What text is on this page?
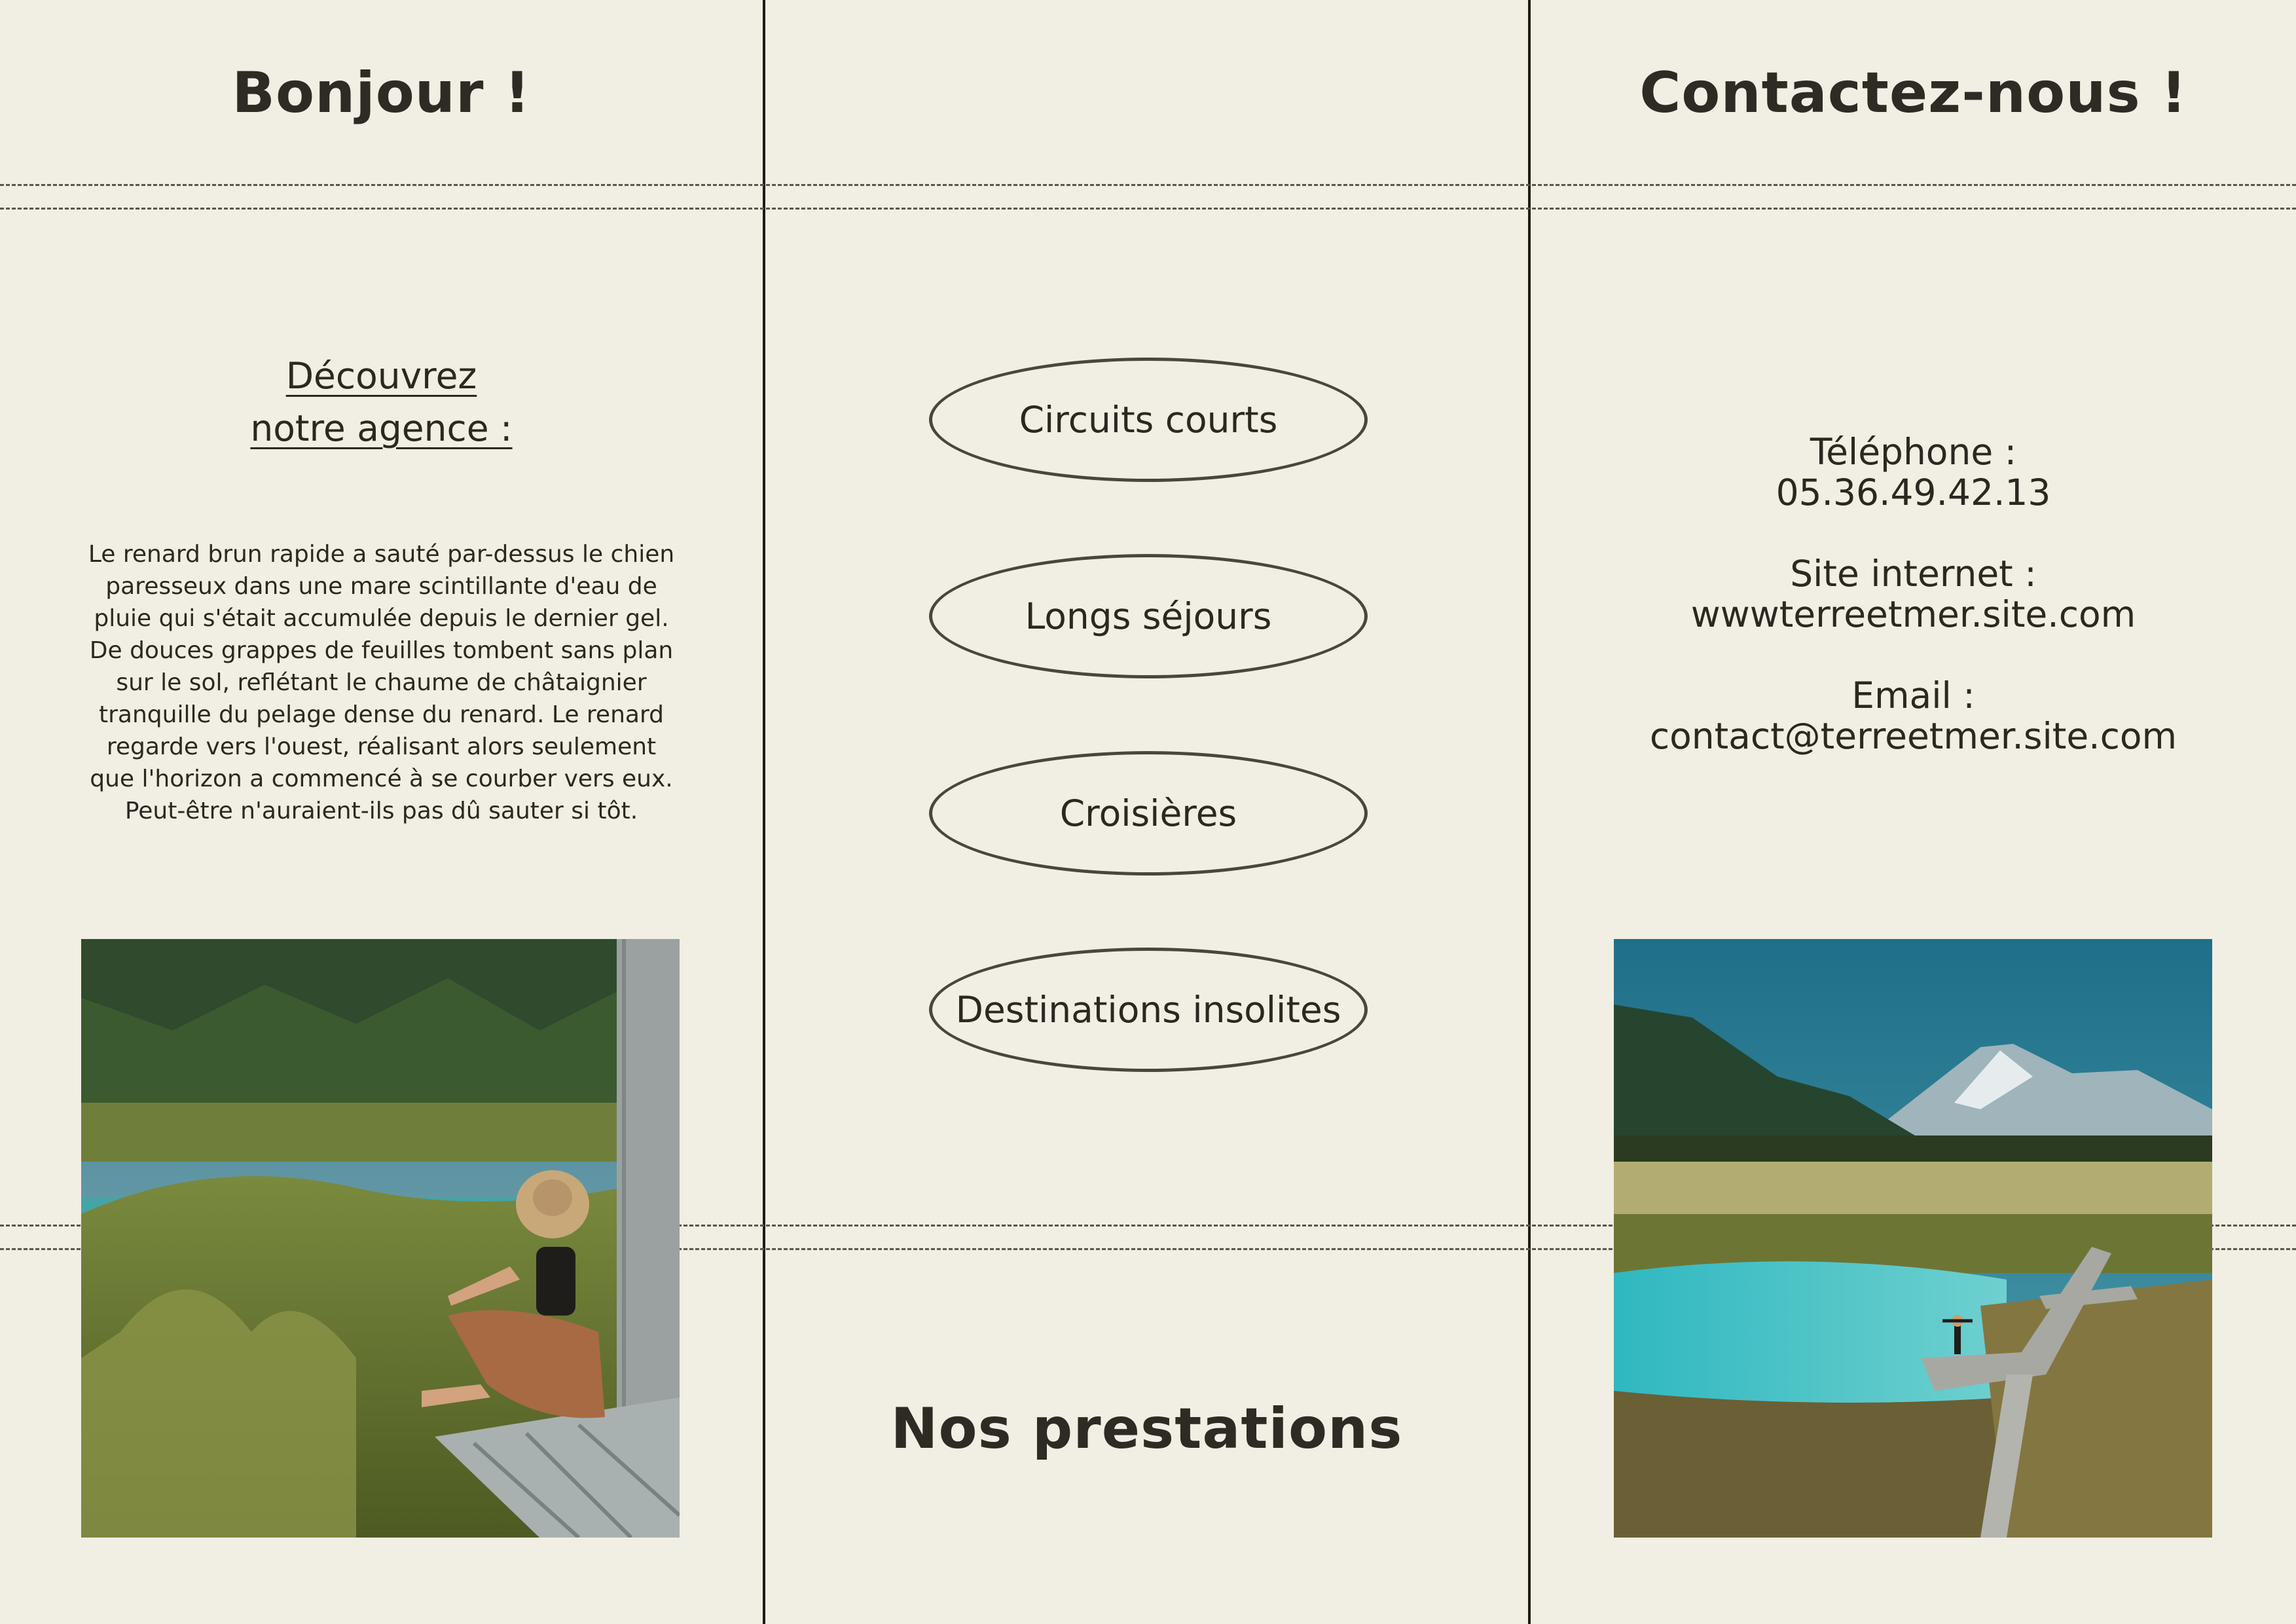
Bonjour !
Découvrez
notre agence :
Le renard brun rapide a sauté par-dessus le chien
paresseux dans une mare scintillante d'eau de
pluie qui s'était accumulée depuis le dernier gel.
De douces grappes de feuilles tombent sans plan
sur le sol, reflétant le chaume de châtaignier
tranquille du pelage dense du renard. Le renard
regarde vers l'ouest, réalisant alors seulement
que l'horizon a commencé à se courber vers eux.
Peut-être n'auraient-ils pas dû sauter si tôt.
Circuits courts
Longs séjours
Croisières
Destinations insolites
Nos prestations
Contactez-nous !
Téléphone :
05.36.49.42.13
Site internet :
wwwterreetmer.site.com
Email :
contact@terreetmer.site.com
